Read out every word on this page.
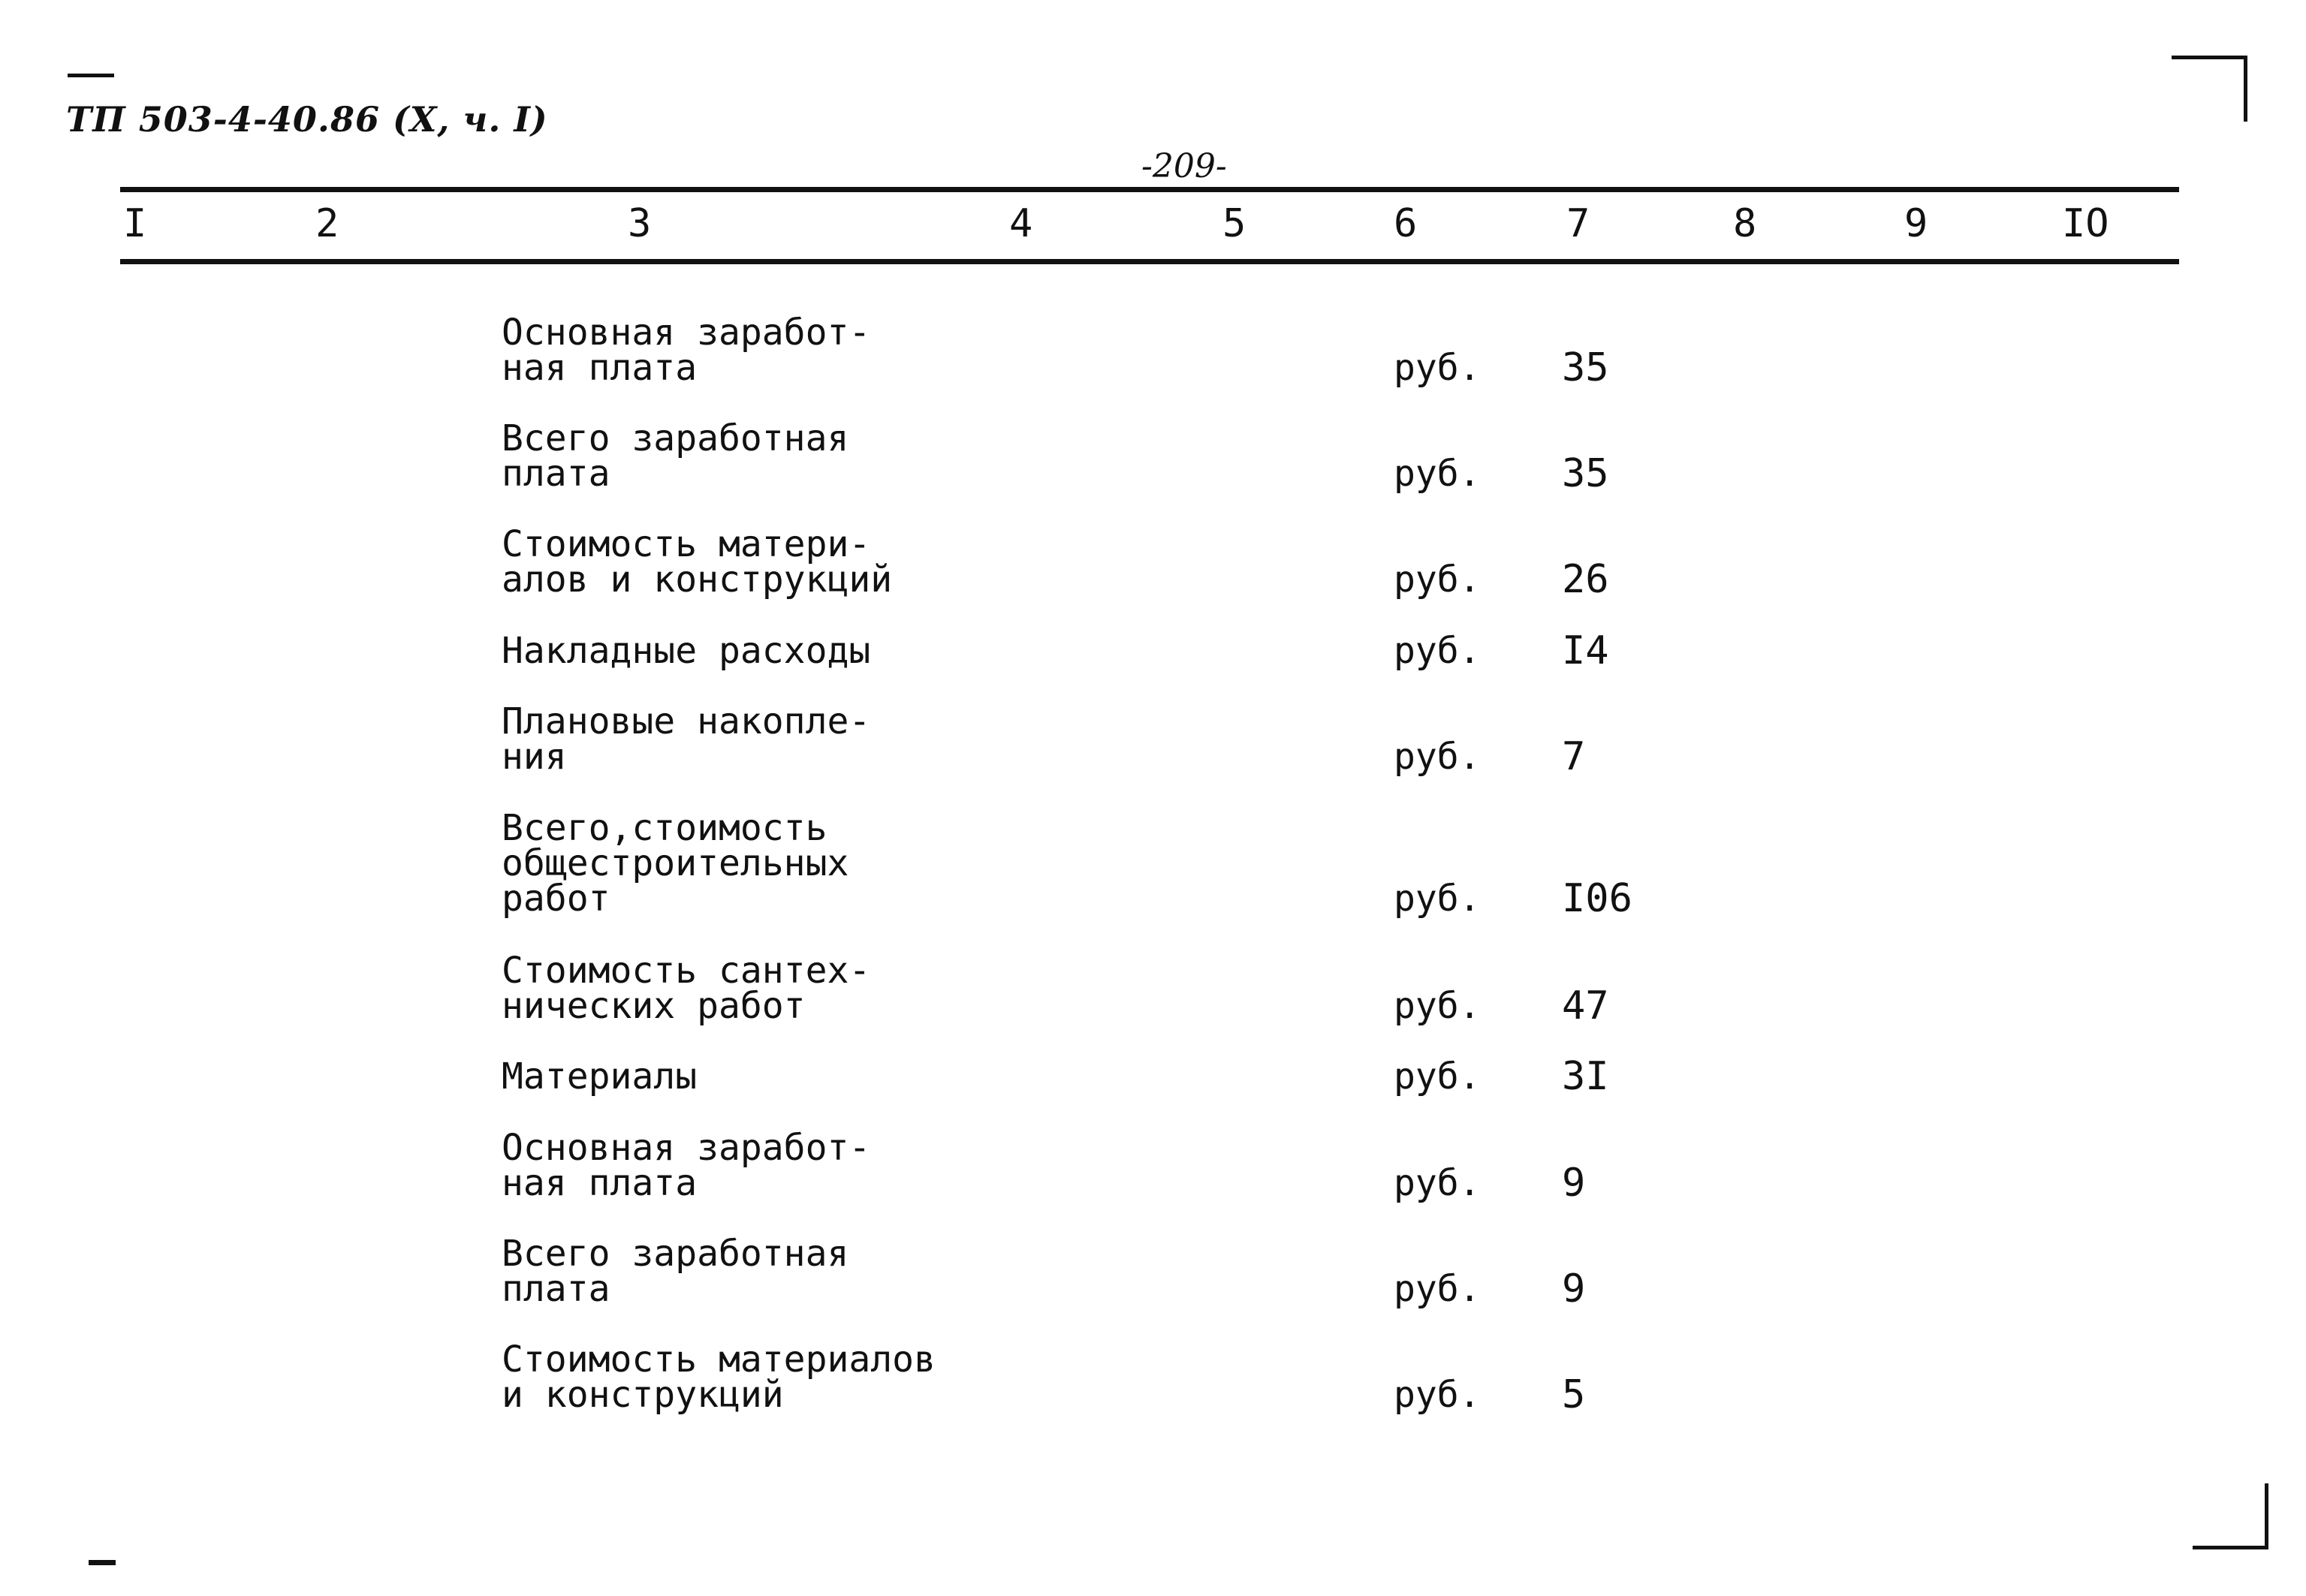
ТП 503-4-40.86 (Х, ч. I)
-209-
I	2	3	4	5	6	7	8	9	IO
Основная заработ-
ная плата	руб. 35
Всего заработная
плата	руб. 35
Стоимость матери-
алов и конструкций	руб. 26
Накладные расходы	руб. I4
Плановые накопле-
ния	руб. 7
Всего,стоимость
общестроительных
работ	руб. I06
Стоимость сантех-
нических работ	руб. 47
Материалы	руб. 3I
Основная заработ-
ная плата	руб. 9
Всего заработная
плата	руб. 9
Стоимость материалов
и конструкций	руб. 5
